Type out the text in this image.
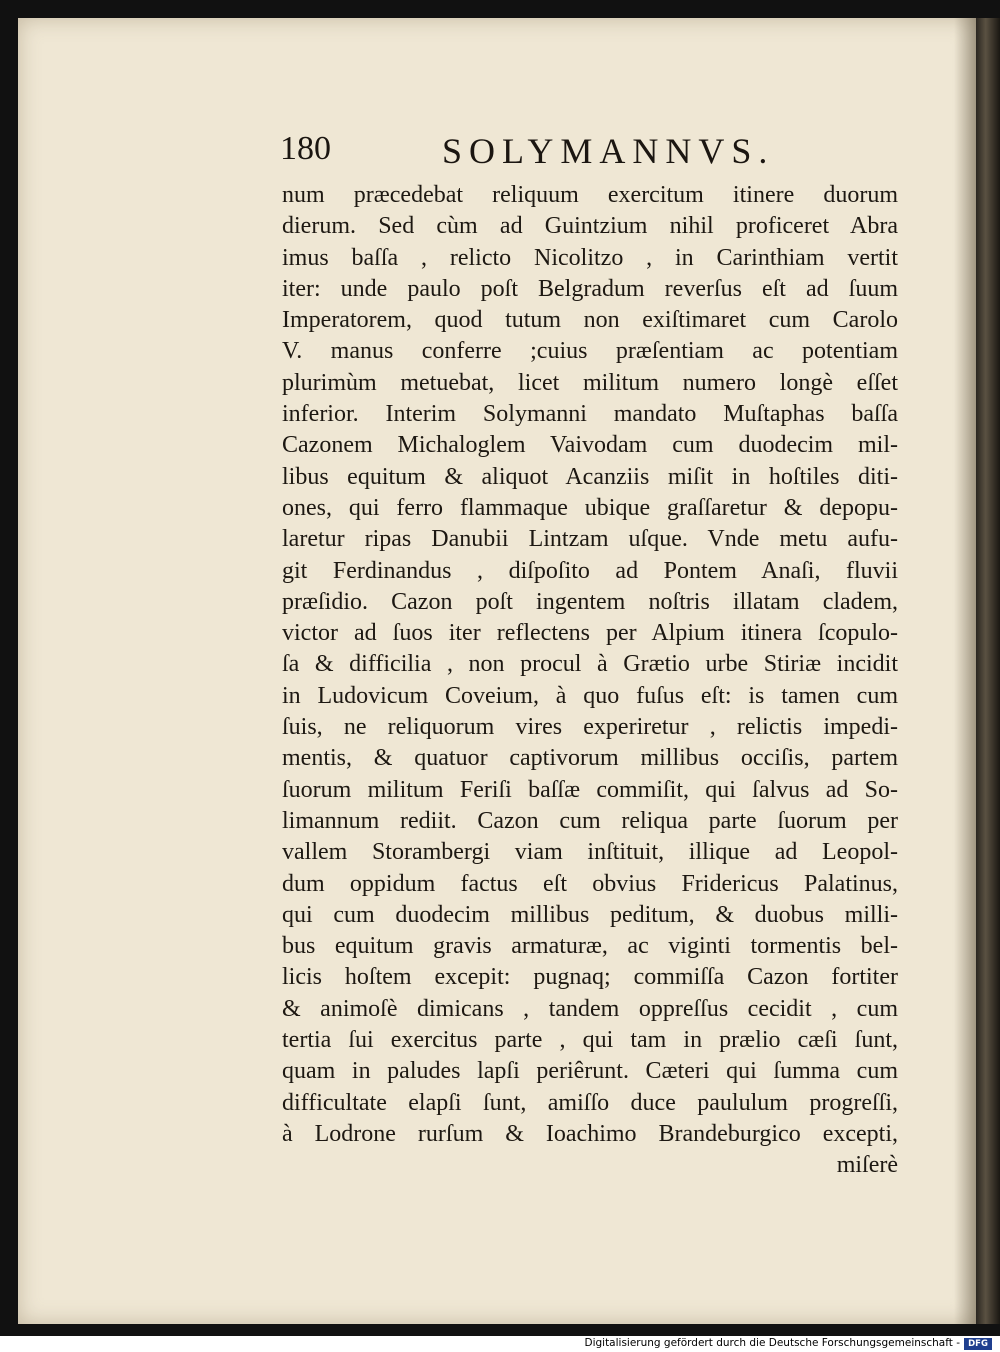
180	SOLYMANNVS.
num præcedebat reliquum exercitum itinere duorum
dierum. Sed cùm ad Guintzium nihil proficeret Abra
imus baſſa , relicto Nicolitzo , in Carinthiam vertit
iter: unde paulo poſt Belgradum reverſus eſt ad ſuum
Imperatorem, quod tutum non exiſtimaret cum Carolo
V. manus conferre ;cuius præſentiam ac potentiam
plurimùm metuebat, licet militum numero longè eſſet
inferior. Interim Solymanni mandato Muſtaphas baſſa
Cazonem Michaloglem Vaivodam cum duodecim mil-
libus equitum & aliquot Acanziis miſit in hoſtiles diti-
ones, qui ferro flammaque ubique graſſaretur & depopu-
laretur ripas Danubii Lintzam uſque. Vnde metu aufu-
git Ferdinandus , diſpoſito ad Pontem Anaſi, fluvii
præſidio. Cazon poſt ingentem noſtris illatam cladem,
victor ad ſuos iter reflectens per Alpium itinera ſcopulo-
ſa & difficilia , non procul à Grætio urbe Stiriæ incidit
in Ludovicum Coveium, à quo fuſus eſt: is tamen cum
ſuis, ne reliquorum vires experiretur , relictis impedi-
mentis, & quatuor captivorum millibus occiſis, partem
ſuorum militum Feriſi baſſæ commiſit, qui ſalvus ad So-
limannum rediit. Cazon cum reliqua parte ſuorum per
vallem Storambergi viam inſtituit, illique ad Leopol-
dum oppidum factus eſt obvius Fridericus Palatinus,
qui cum duodecim millibus peditum, & duobus milli-
bus equitum gravis armaturæ, ac viginti tormentis bel-
licis hoſtem excepit: pugnaq; commiſſa Cazon fortiter
& animoſè dimicans , tandem oppreſſus cecidit , cum
tertia ſui exercitus parte , qui tam in prælio cæſi ſunt,
quam in paludes lapſi periêrunt. Cæteri qui ſumma cum
difficultate elapſi ſunt, amiſſo duce paululum progreſſi,
à Lodrone rurſum & Ioachimo Brandeburgico excepti,
miſerè
Digitalisierung gefördert durch die Deutsche Forschungsgemeinschaft - DFG
